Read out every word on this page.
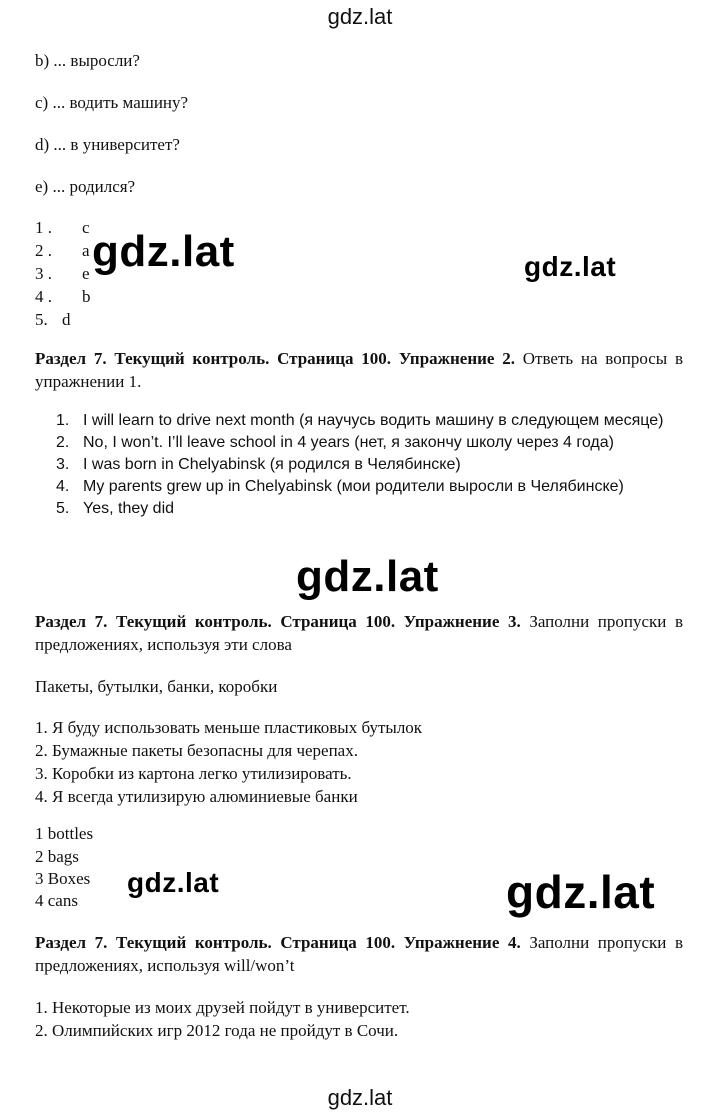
gdz.lat
b) ... выросли?
c) ... водить машину?
d) ... в университет?
e) ... родился?
1 .	c
2 .	a
3 .	e
4 .	b
5. d
gdz.lat	gdz.lat
Раздел 7. Текущий контроль. Страница 100. Упражнение 2. Ответь на вопросы в упражнении 1.
1. I will learn to drive next month (я научусь водить машину в следующем месяце)
2. No, I won’t. I’ll leave school in 4 years (нет, я закончу школу через 4 года)
3. I was born in Chelyabinsk (я родился в Челябинске)
4. My parents grew up in Chelyabinsk (мои родители выросли в Челябинске)
5. Yes, they did
gdz.lat
Раздел 7. Текущий контроль. Страница 100. Упражнение 3. Заполни пропуски в предложениях, используя эти слова
Пакеты, бутылки, банки, коробки
1. Я буду использовать меньше пластиковых бутылок
2. Бумажные пакеты безопасны для черепах.
3. Коробки из картона легко утилизировать.
4. Я всегда утилизирую алюминиевые банки
1 bottles
2 bags
3 Boxes
4 cans
gdz.lat	gdz.lat
Раздел 7. Текущий контроль. Страница 100. Упражнение 4. Заполни пропуски в предложениях, используя will/won’t
1. Некоторые из моих друзей пойдут в университет.
2. Олимпийских игр 2012 года не пройдут в Сочи.
gdz.lat
